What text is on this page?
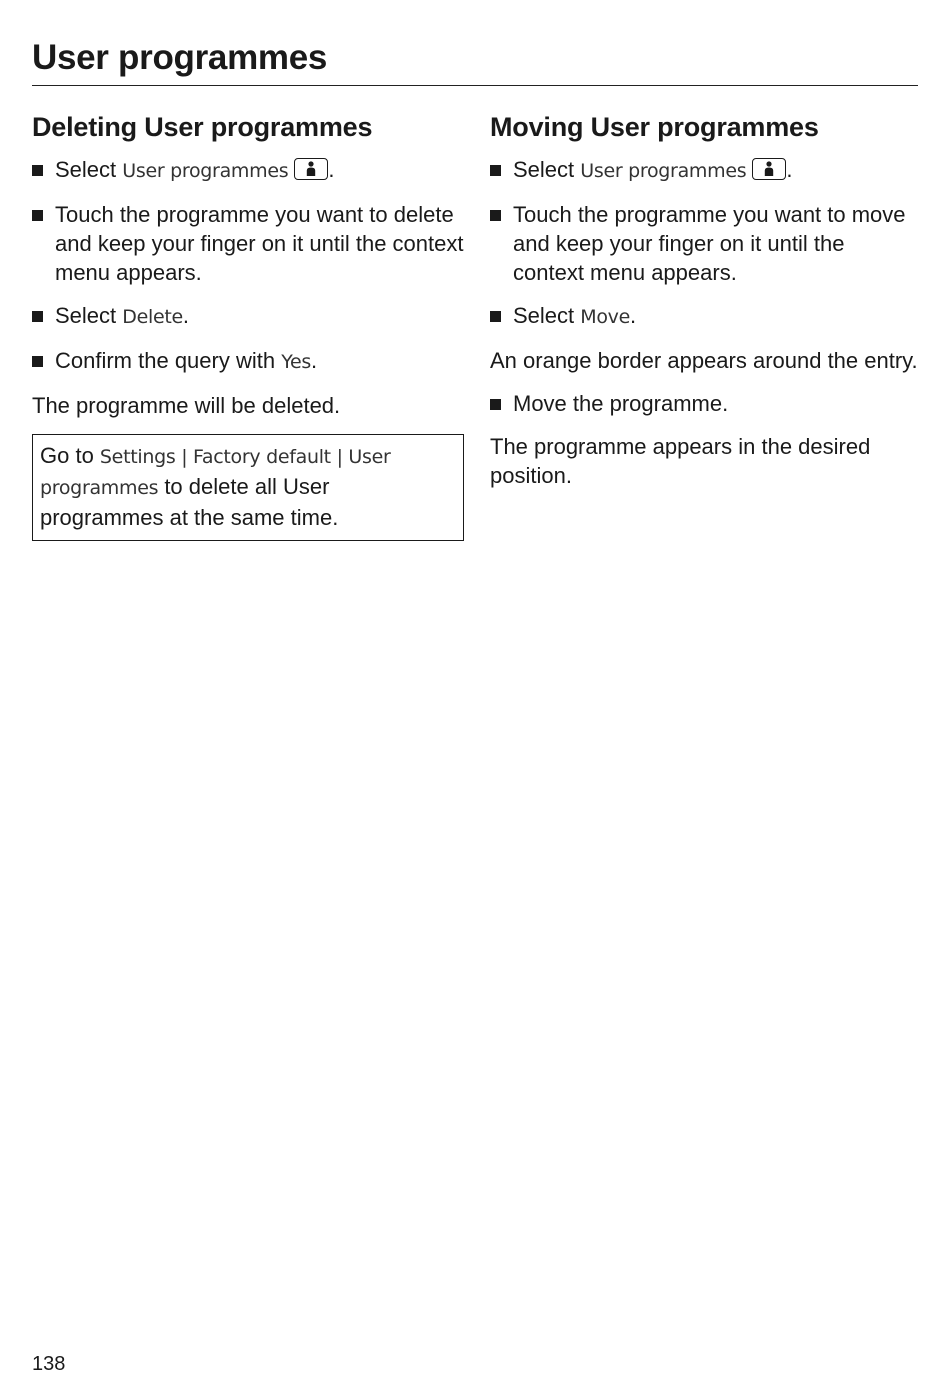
User programmes
Deleting User programmes
Select User programmes .
Touch the programme you want to delete and keep your finger on it until the context menu appears.
Select Delete.
Confirm the query with Yes.

The programme will be deleted.

Go to Settings | Factory default | User programmes to delete all User programmes at the same time.
Moving User programmes
Select User programmes .
Touch the programme you want to move and keep your finger on it until the context menu appears.
Select Move.

An orange border appears around the entry.

Move the programme.

The programme appears in the desired position.

138
